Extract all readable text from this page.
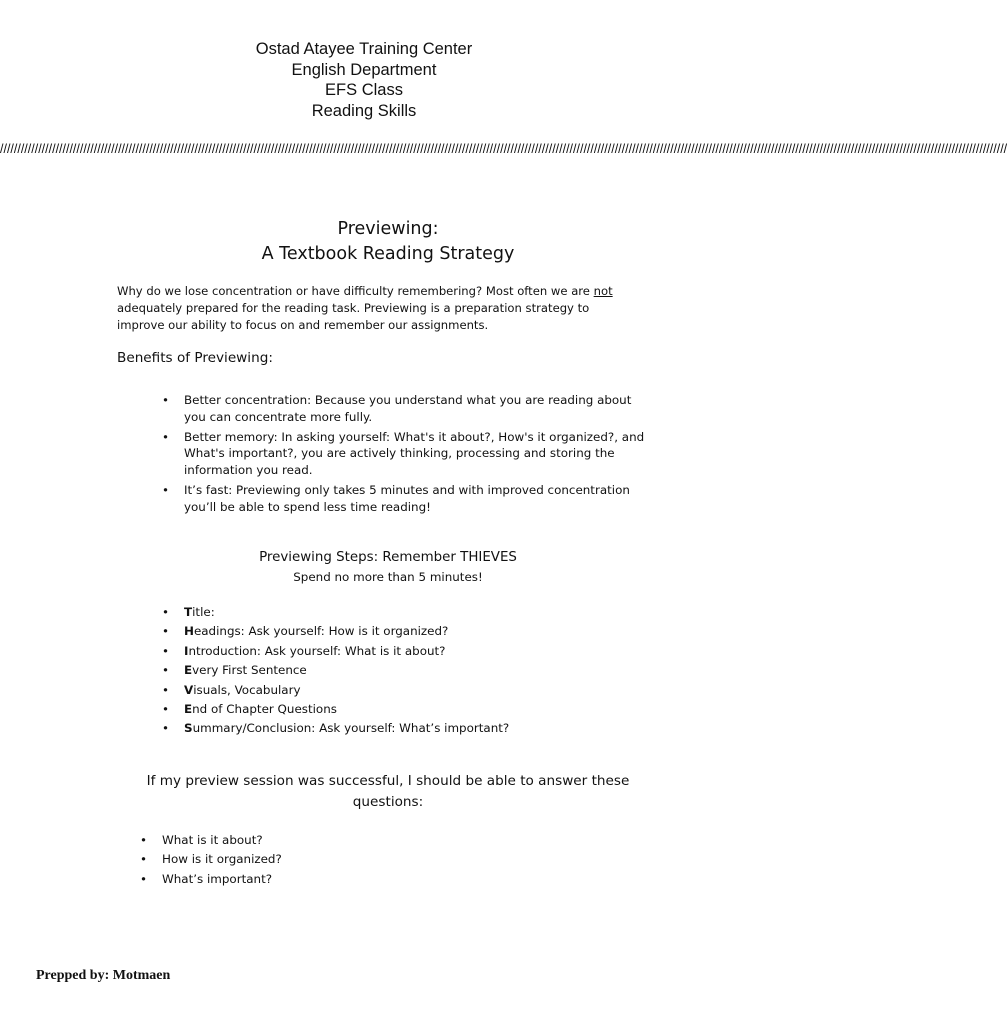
Ostad Atayee Training Center
English Department
EFS Class
Reading Skills
//////////////////////////////////////////////////////////////////////////////////////////////////////////////////////////////////////////////////////////////////////////////////////////////////////////////////////////////////////////////////////////////////////////////////////////////////
Previewing:
A Textbook Reading Strategy
Why do we lose concentration or have difficulty remembering? Most often we are not
adequately prepared for the reading task. Previewing is a preparation strategy to
improve our ability to focus on and remember our assignments.
Benefits of Previewing:
• Better concentration: Because you understand what you are reading about
you can concentrate more fully.
• Better memory: In asking yourself: What's it about?, How's it organized?, and
What's important?, you are actively thinking, processing and storing the
information you read.
• It’s fast: Previewing only takes 5 minutes and with improved concentration
you’ll be able to spend less time reading!
Previewing Steps: Remember THIEVES
Spend no more than 5 minutes!
• Title:
• Headings: Ask yourself: How is it organized?
• Introduction: Ask yourself: What is it about?
• Every First Sentence
• Visuals, Vocabulary
• End of Chapter Questions
• Summary/Conclusion: Ask yourself: What’s important?
If my preview session was successful, I should be able to answer these
questions:
• What is it about?
• How is it organized?
• What’s important?
Prepped by: Motmaen
